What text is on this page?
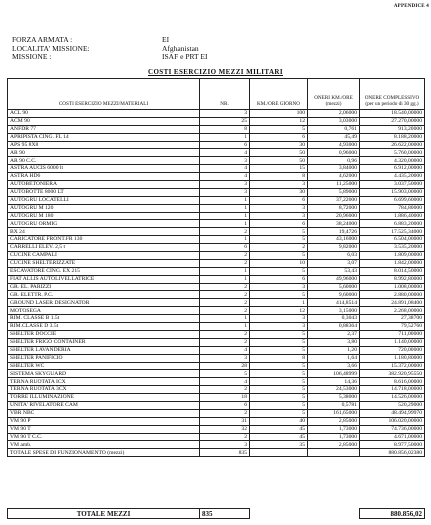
APPENDICE 4
FORZA ARMATA :	EI
LOCALITA' MISSIONE:	Afghanistan
MISSIONE :	ISAF e PRT EI
COSTI ESERCIZIO MEZZI MILITARI
COSTI ESERCIZIO MEZZI/MATERIALI	NR.	KM./ORE GIORNO	ONERI KM./ORE (mezzi)	ONERE COMPLESSIVO (per un periodo di 30 gg.)
ACL 90	3	100	2,06000	18.540,00000
ACM 90	25	12	3,03000	27.270,00000
ANFDR 77	8	5	0,761	913,20000
APRIPISTA CING. FL 14	1	6	45,49	8.188,20000
APS 95 8X8	6	30	4,93000	26.622,00000
AR 90	4	50	0,96000	5.760,00000
AR 90 C.C.	3	50	0,96	4.320,00000
ASTRA AUCIS 6000 lt	4	15	3,84000	6.912,00000
ASTRA HD6	4	8	4,62000	4.435,20000
AUTOBETONIERA	3	3	11,25000	3.037,50000
AUTOBOTTE 8000 LT	3	30	5,89000	15.903,00000
AUTOGRU LOCATELLI	1	6	37,22000	6.699,60000
AUTOGRU M 120	1	3	8,72000	784,80000
AUTOGRU M 180	1	3	20,96000	1.886,40000
AUTOGRU ORMIG	1	6	38,24000	6.883,20000
BX 24	2	5	19,4726	17.525,34000
CARICATORE FRONT.FR 130	1	5	43,16000	6.504,00000
CARRELLI ELEV. 2,5 t	6	2	9,82000	3.535,20000
CUCINE CAMPALI	2	5	6,03	1.809,00000
CUCINE SHELTERIZZATE	2	10	3,07	1.842,00000
ESCAVATORE CING. EX 215	1	5	53,43	8.014,50000
FIAT ALLIS AUTOLIVELLATRICE	1	6	49,96000	8.992,80000
GR. EL. PARIZZI	2	3	5,60000	1.008,00000
GR. ELETTR. P.C.	2	5	9,60000	2.880,00000
GROUND LASER DESIGNATOR	2	1	414,8514	24.891,08400
MOTOSEGA	2	12	3,15000	2.268,00000
RIM. CLASSE B 1.5t	1	3	0,3043	27,38700
RIM.CLASSE D 3.5t	1	3	0,88364	79,52760
SHELTER DOCCIE	2	5	2,37	711,00000
SHELTER FRIGO CONTAINER	2	5	3,80	1.140,00000
SHELTER LAVANDERIA	4	5	1,20	720,00000
SHELTER PANIFICIO	3	8	1,64	1.180,80000
SHELTER WC	28	5	3,66	15.372,00000
SISTEMA SKYGUARD	5	5	106,48999	382.920,95550
TERNA RUOTATA ICX	4	5	14,36	8.616,00000
TERNA RUOTATA 3CX	2	5	24,53000	14.718,00000
TORRE ILLUMINAZIONE	18	5	5,38000	14.526,00000
UNITA' RIVELATORE CAM	6	5	0,5781	520,29000
VBR NBC	2	5	161,65000	48.494,99970
VM 90 P	31	40	2,85000	106.020,00000
VM 90 T	32	45	1,73000	74.736,00000
VM 90 T C.C.	2	45	1,73000	4.671,00000
VM amb.	3	35	2,85000	8.977,50000
TOTALE SPESE DI FUNZIONAMENTO (mezzi)	835			880.856,02380
TOTALE MEZZI	835			880.856,02
